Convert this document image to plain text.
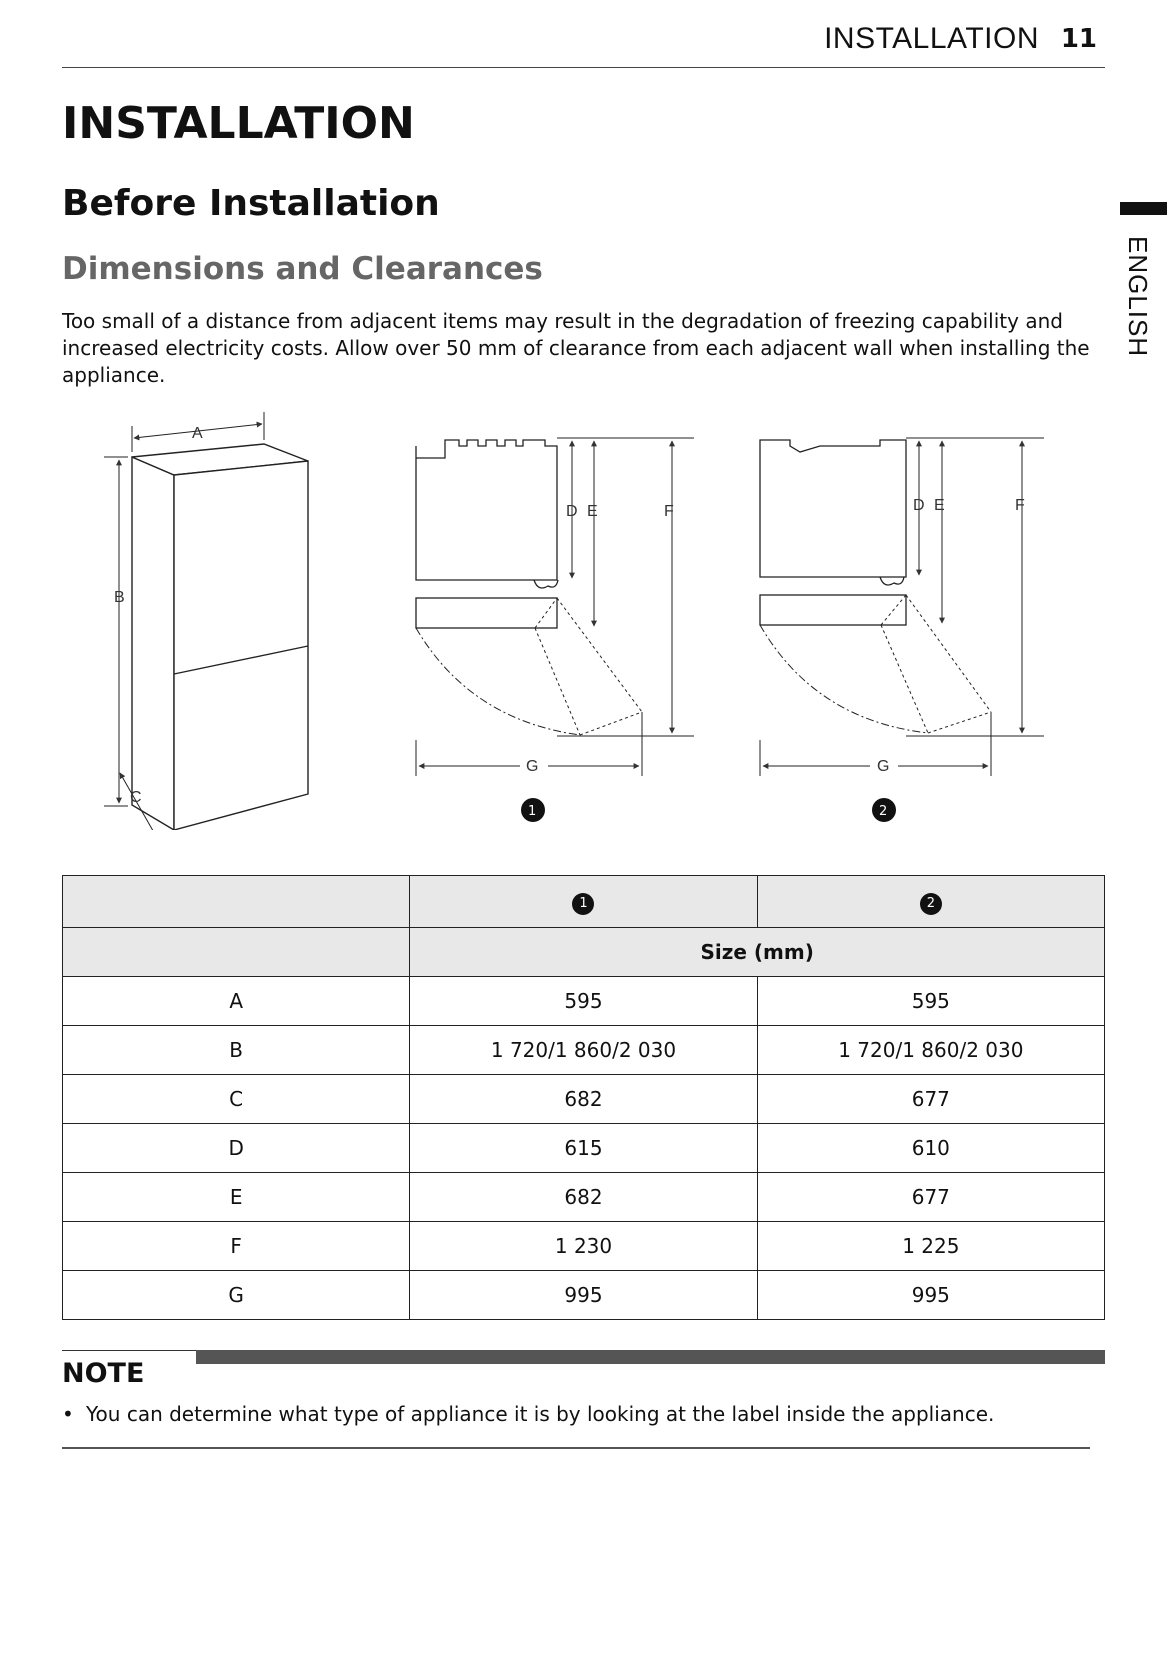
INSTALLATION 11
ENGLISH
INSTALLATION
Before Installation
Dimensions and Clearances

Too small of a distance from adjacent items may result in the degradation of freezing capability and increased electricity costs. Allow over 50 mm of clearance from each adjacent wall when installing the appliance.

A
B
C
D E	F
G
1
D E	F
G
2
	1	2
	Size (mm)	
A	595	595
B	1 720/1 860/2 030	1 720/1 860/2 030
C	682	677
D	615	610
E	682	677
F	1 230	1 225
G	995	995
NOTE
• You can determine what type of appliance it is by looking at the label inside the appliance.
